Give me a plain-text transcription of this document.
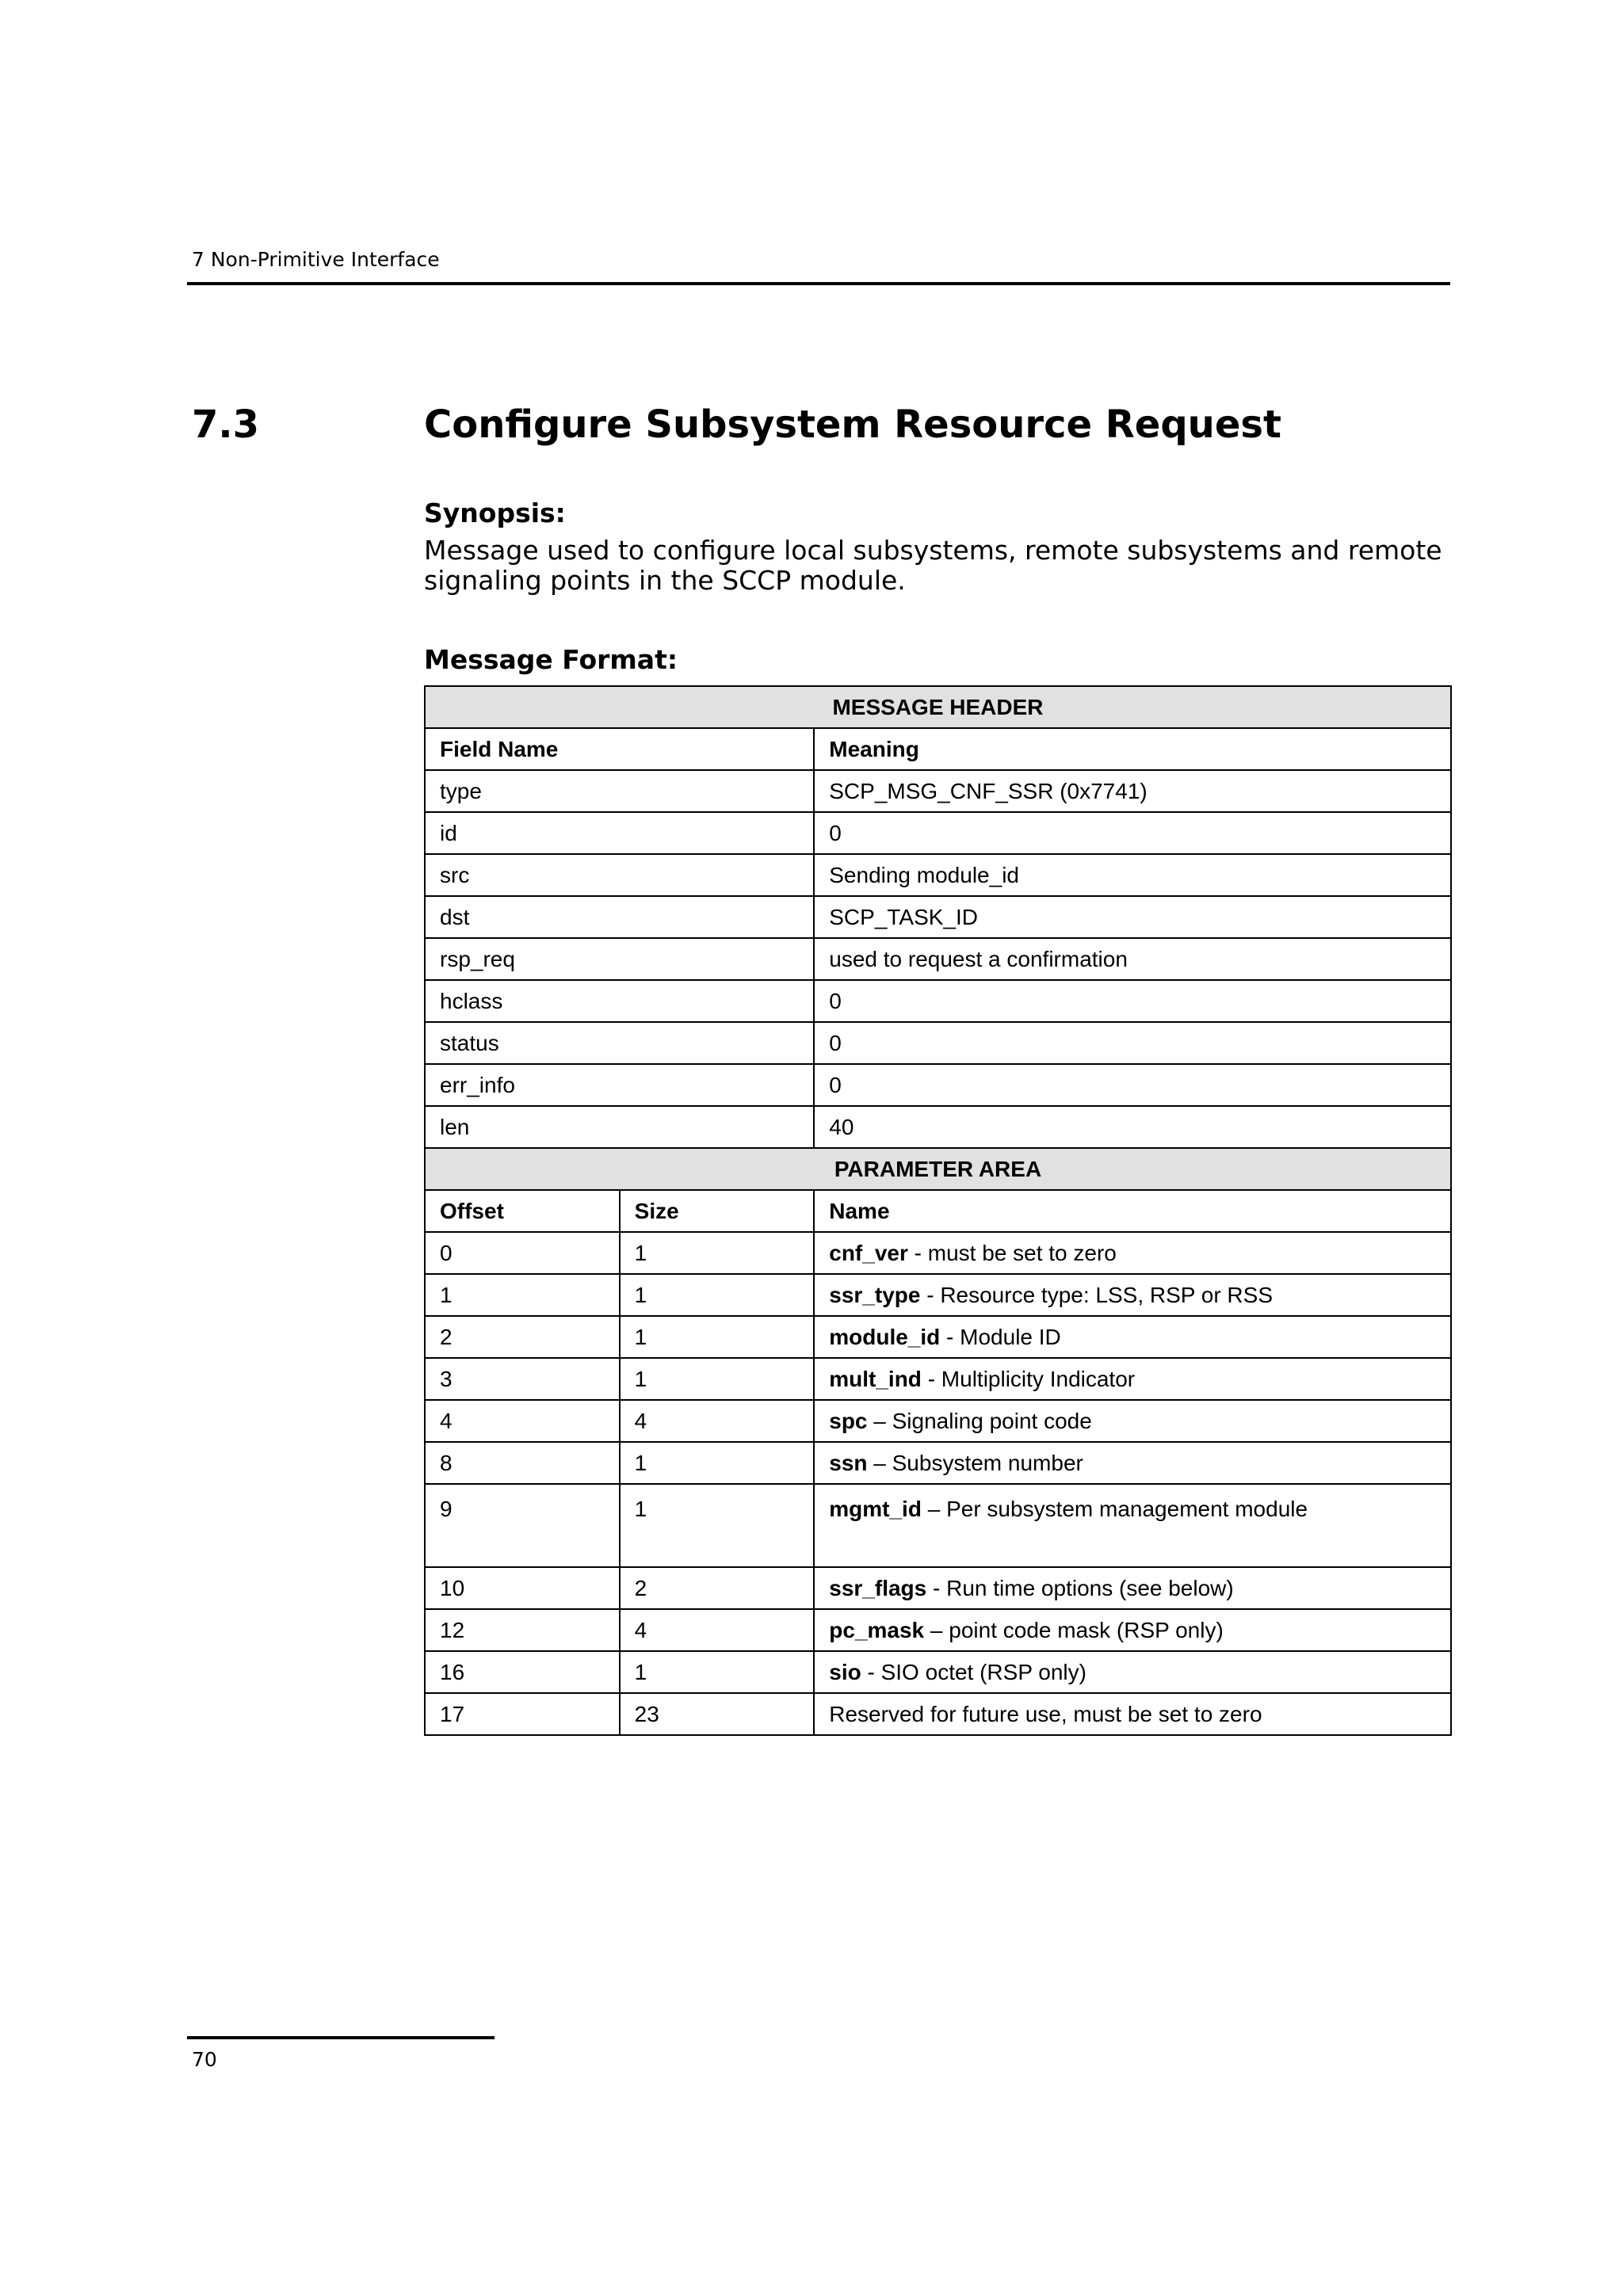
7 Non-Primitive Interface
7.3	Configure Subsystem Resource Request
Synopsis:
Message used to configure local subsystems, remote subsystems and remote signaling points in the SCCP module.
Message Format:
MESSAGE HEADER		
Field Name		Meaning
type		SCP_MSG_CNF_SSR (0x7741)
id		0
src		Sending module_id
dst		SCP_TASK_ID
rsp_req		used to request a confirmation
hclass		0
status		0
err_info		0
len		40
PARAMETER AREA		
Offset	Size	Name
0	1	cnf_ver - must be set to zero
1	1	ssr_type - Resource type: LSS, RSP or RSS
2	1	module_id - Module ID
3	1	mult_ind - Multiplicity Indicator
4	4	spc – Signaling point code
8	1	ssn – Subsystem number
9	1	mgmt_id – Per subsystem management module
10	2	ssr_flags - Run time options (see below)
12	4	pc_mask – point code mask (RSP only)
16	1	sio - SIO octet (RSP only)
17	23	Reserved for future use, must be set to zero
70
